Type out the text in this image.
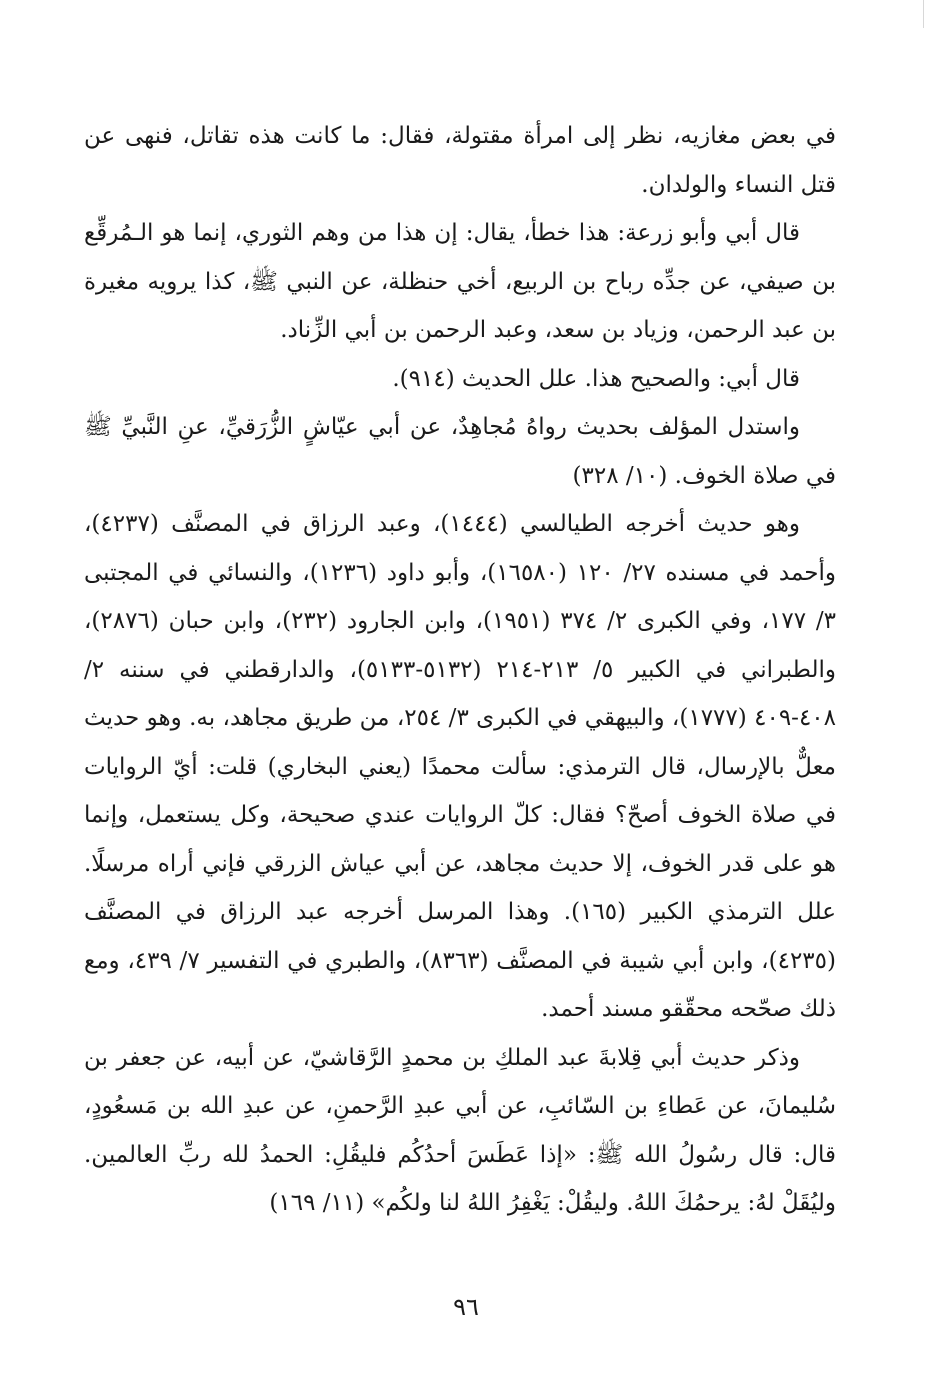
في بعض مغازيه، نظر إلى امرأة مقتولة، فقال: ما كانت هذه تقاتل، فنهى عن قتل النساء والولدان.

قال أبي وأبو زرعة: هذا خطأ، يقال: إن هذا من وهم الثوري، إنما هو الـمُرقِّع بن صيفي، عن جدِّه رباح بن الربيع، أخي حنظلة، عن النبي ﷺ، كذا يرويه مغيرة بن عبد الرحمن، وزياد بن سعد، وعبد الرحمن بن أبي الزِّناد.

قال أبي: والصحيح هذا. علل الحديث (٩١٤).

واستدل المؤلف بحديث رواهُ مُجاهِدٌ، عن أبي عيّاشٍ الزُّرَقيِّ، عنِ النَّبيِّ ﷺ في صلاة الخوف. (١٠/ ٣٢٨)

وهو حديث أخرجه الطيالسي (١٤٤٤)، وعبد الرزاق في المصنَّف (٤٢٣٧)، وأحمد في مسنده ٢٧/ ١٢٠ (١٦٥٨٠)، وأبو داود (١٢٣٦)، والنسائي في المجتبى ٣/ ١٧٧، وفي الكبرى ٢/ ٣٧٤ (١٩٥١)، وابن الجارود (٢٣٢)، وابن حبان (٢٨٧٦)، والطبراني في الكبير ٥/ ٢١٣-٢١٤ (٥١٣٢-٥١٣٣)، والدارقطني في سننه ٢/ ٤٠٨-٤٠٩ (١٧٧٧)، والبيهقي في الكبرى ٣/ ٢٥٤، من طريق مجاهد، به. وهو حديث معلٌّ بالإرسال، قال الترمذي: سألت محمدًا (يعني البخاري) قلت: أيّ الروايات في صلاة الخوف أصحّ؟ فقال: كلّ الروايات عندي صحيحة، وكل يستعمل، وإنما هو على قدر الخوف، إلا حديث مجاهد، عن أبي عياش الزرقي فإني أراه مرسلًا. علل الترمذي الكبير (١٦٥). وهذا المرسل أخرجه عبد الرزاق في المصنَّف (٤٢٣٥)، وابن أبي شيبة في المصنَّف (٨٣٦٣)، والطبري في التفسير ٧/ ٤٣٩، ومع ذلك صحّحه محقّقو مسند أحمد.

وذكر حديث أبي قِلابةَ عبد الملكِ بن محمدٍ الرَّقاشيّ، عن أبيه، عن جعفر بن سُليمانَ، عن عَطاءِ بن السّائبِ، عن أبي عبدِ الرَّحمنِ، عن عبدِ الله بن مَسعُودٍ، قال: قال رسُولُ الله ﷺ: «إذا عَطَسَ أحدُكُم فليقُلِ: الحمدُ لله ربِّ العالمين. وليُقَلْ لهُ: يرحمُكَ اللهُ. وليقُلْ: يَغْفِرُ اللهُ لنا ولكُم» (١١/ ١٦٩)

٩٦
